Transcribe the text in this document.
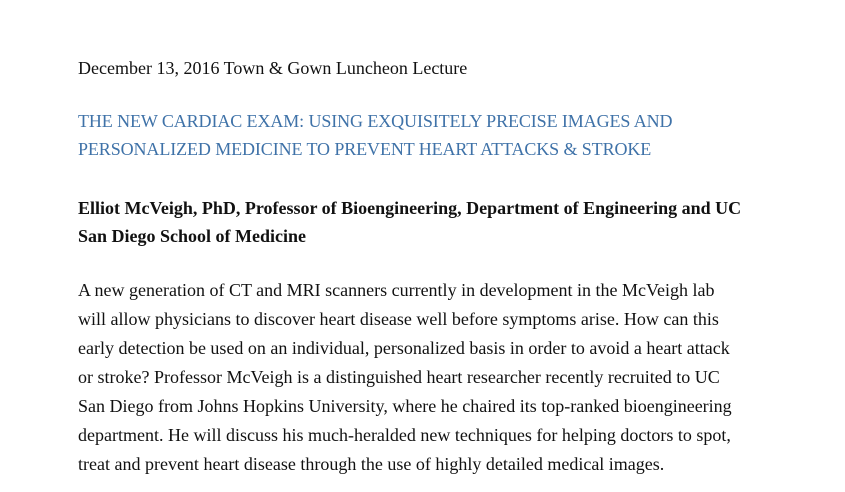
December 13, 2016 Town & Gown Luncheon Lecture
THE NEW CARDIAC EXAM: USING EXQUISITELY PRECISE IMAGES AND
PERSONALIZED MEDICINE TO PREVENT HEART ATTACKS & STROKE

Elliot McVeigh, PhD, Professor of Bioengineering, Department of Engineering and UC
San Diego School of Medicine

A new generation of CT and MRI scanners currently in development in the McVeigh lab
will allow physicians to discover heart disease well before symptoms arise. How can this
early detection be used on an individual, personalized basis in order to avoid a heart attack
or stroke? Professor McVeigh is a distinguished heart researcher recently recruited to UC
San Diego from Johns Hopkins University, where he chaired its top-ranked bioengineering
department. He will discuss his much-heralded new techniques for helping doctors to spot,
treat and prevent heart disease through the use of highly detailed medical images.
